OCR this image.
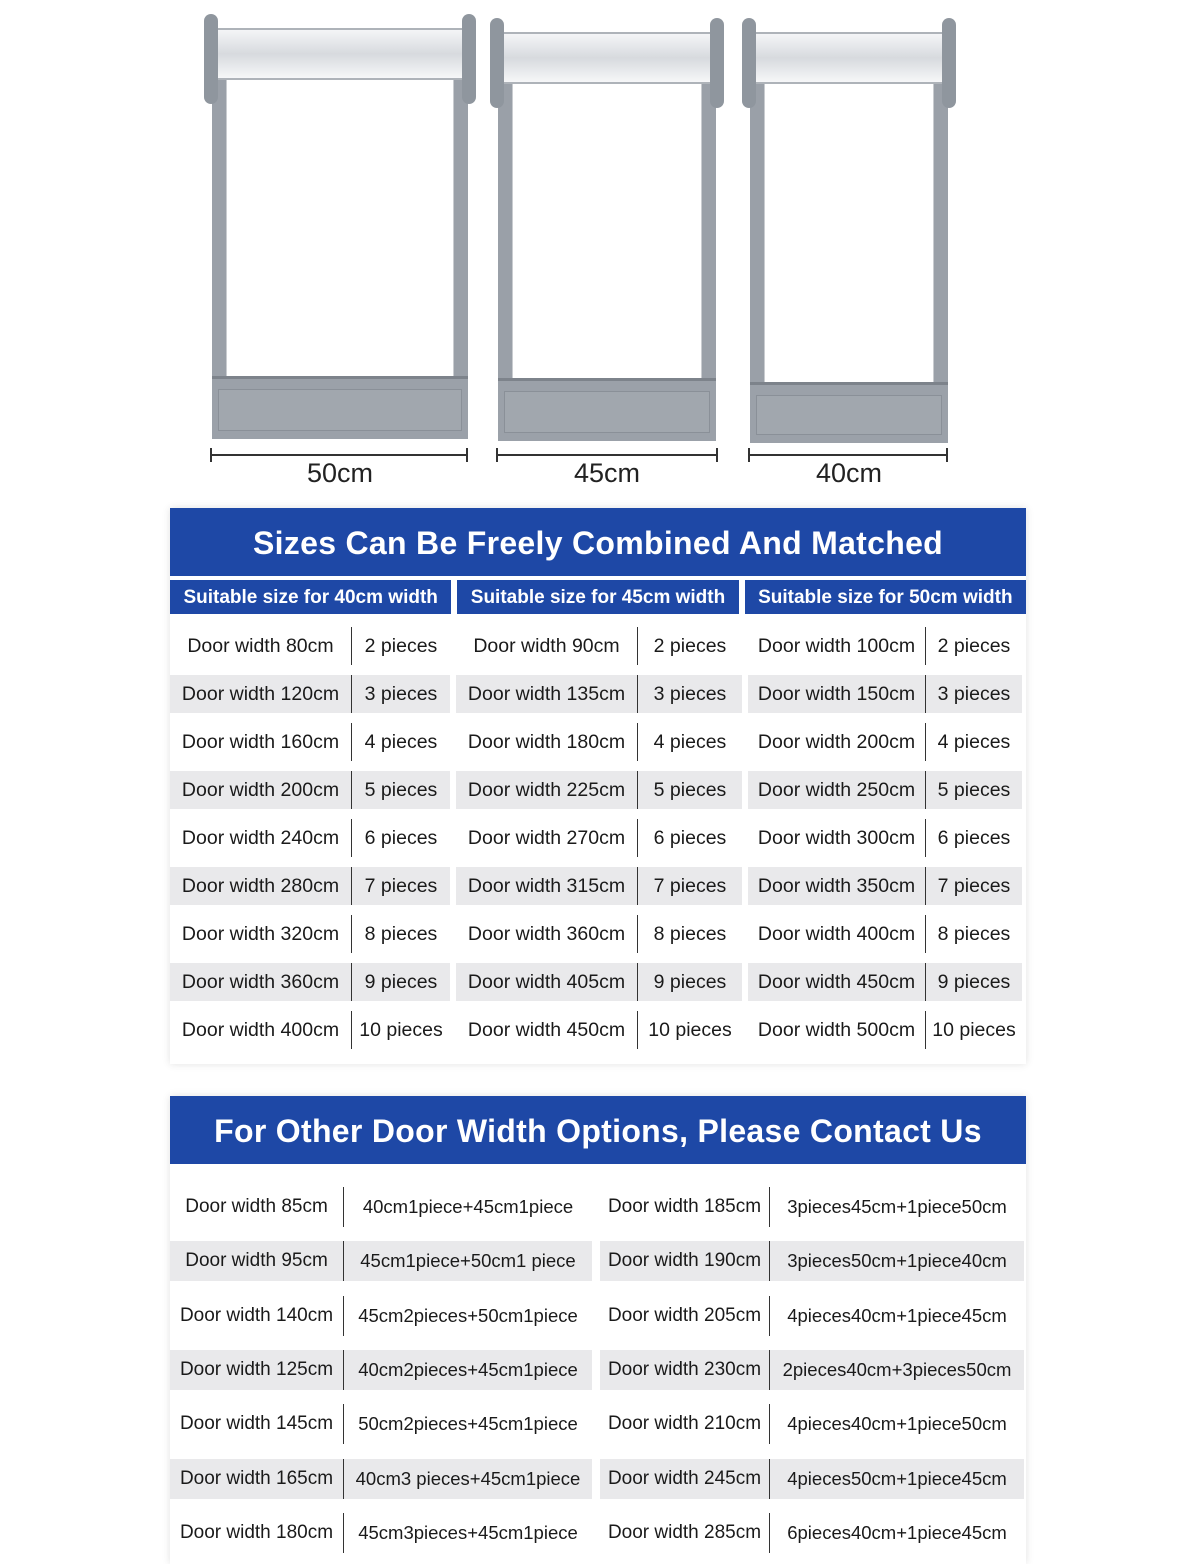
50cm	45cm	40cm
Sizes Can Be Freely Combined And Matched
Suitable size for 40cm width	Suitable size for 45cm width	Suitable size for 50cm width
Door width 80cm	2 pieces	Door width 90cm	2 pieces	Door width 100cm	2 pieces
Door width 120cm	3 pieces	Door width 135cm	3 pieces	Door width 150cm	3 pieces
Door width 160cm	4 pieces	Door width 180cm	4 pieces	Door width 200cm	4 pieces
Door width 200cm	5 pieces	Door width 225cm	5 pieces	Door width 250cm	5 pieces
Door width 240cm	6 pieces	Door width 270cm	6 pieces	Door width 300cm	6 pieces
Door width 280cm	7 pieces	Door width 315cm	7 pieces	Door width 350cm	7 pieces
Door width 320cm	8 pieces	Door width 360cm	8 pieces	Door width 400cm	8 pieces
Door width 360cm	9 pieces	Door width 405cm	9 pieces	Door width 450cm	9 pieces
Door width 400cm	10 pieces	Door width 450cm	10 pieces	Door width 500cm 10 pieces
For Other Door Width Options, Please Contact Us
Door width 85cm	40cm1piece+45cm1piece	Door width 185cm	3pieces45cm+1piece50cm
Door width 95cm	45cm1piece+50cm1 piece	Door width 190cm	3pieces50cm+1piece40cm
Door width 140cm	45cm2pieces+50cm1piece	Door width 205cm	4pieces40cm+1piece45cm
Door width 125cm	40cm2pieces+45cm1piece	Door width 230cm	2pieces40cm+3pieces50cm
Door width 145cm	50cm2pieces+45cm1piece	Door width 210cm	4pieces40cm+1piece50cm
Door width 165cm	40cm3 pieces+45cm1piece	Door width 245cm	4pieces50cm+1piece45cm
Door width 180cm	45cm3pieces+45cm1piece	Door width 285cm	6pieces40cm+1piece45cm
